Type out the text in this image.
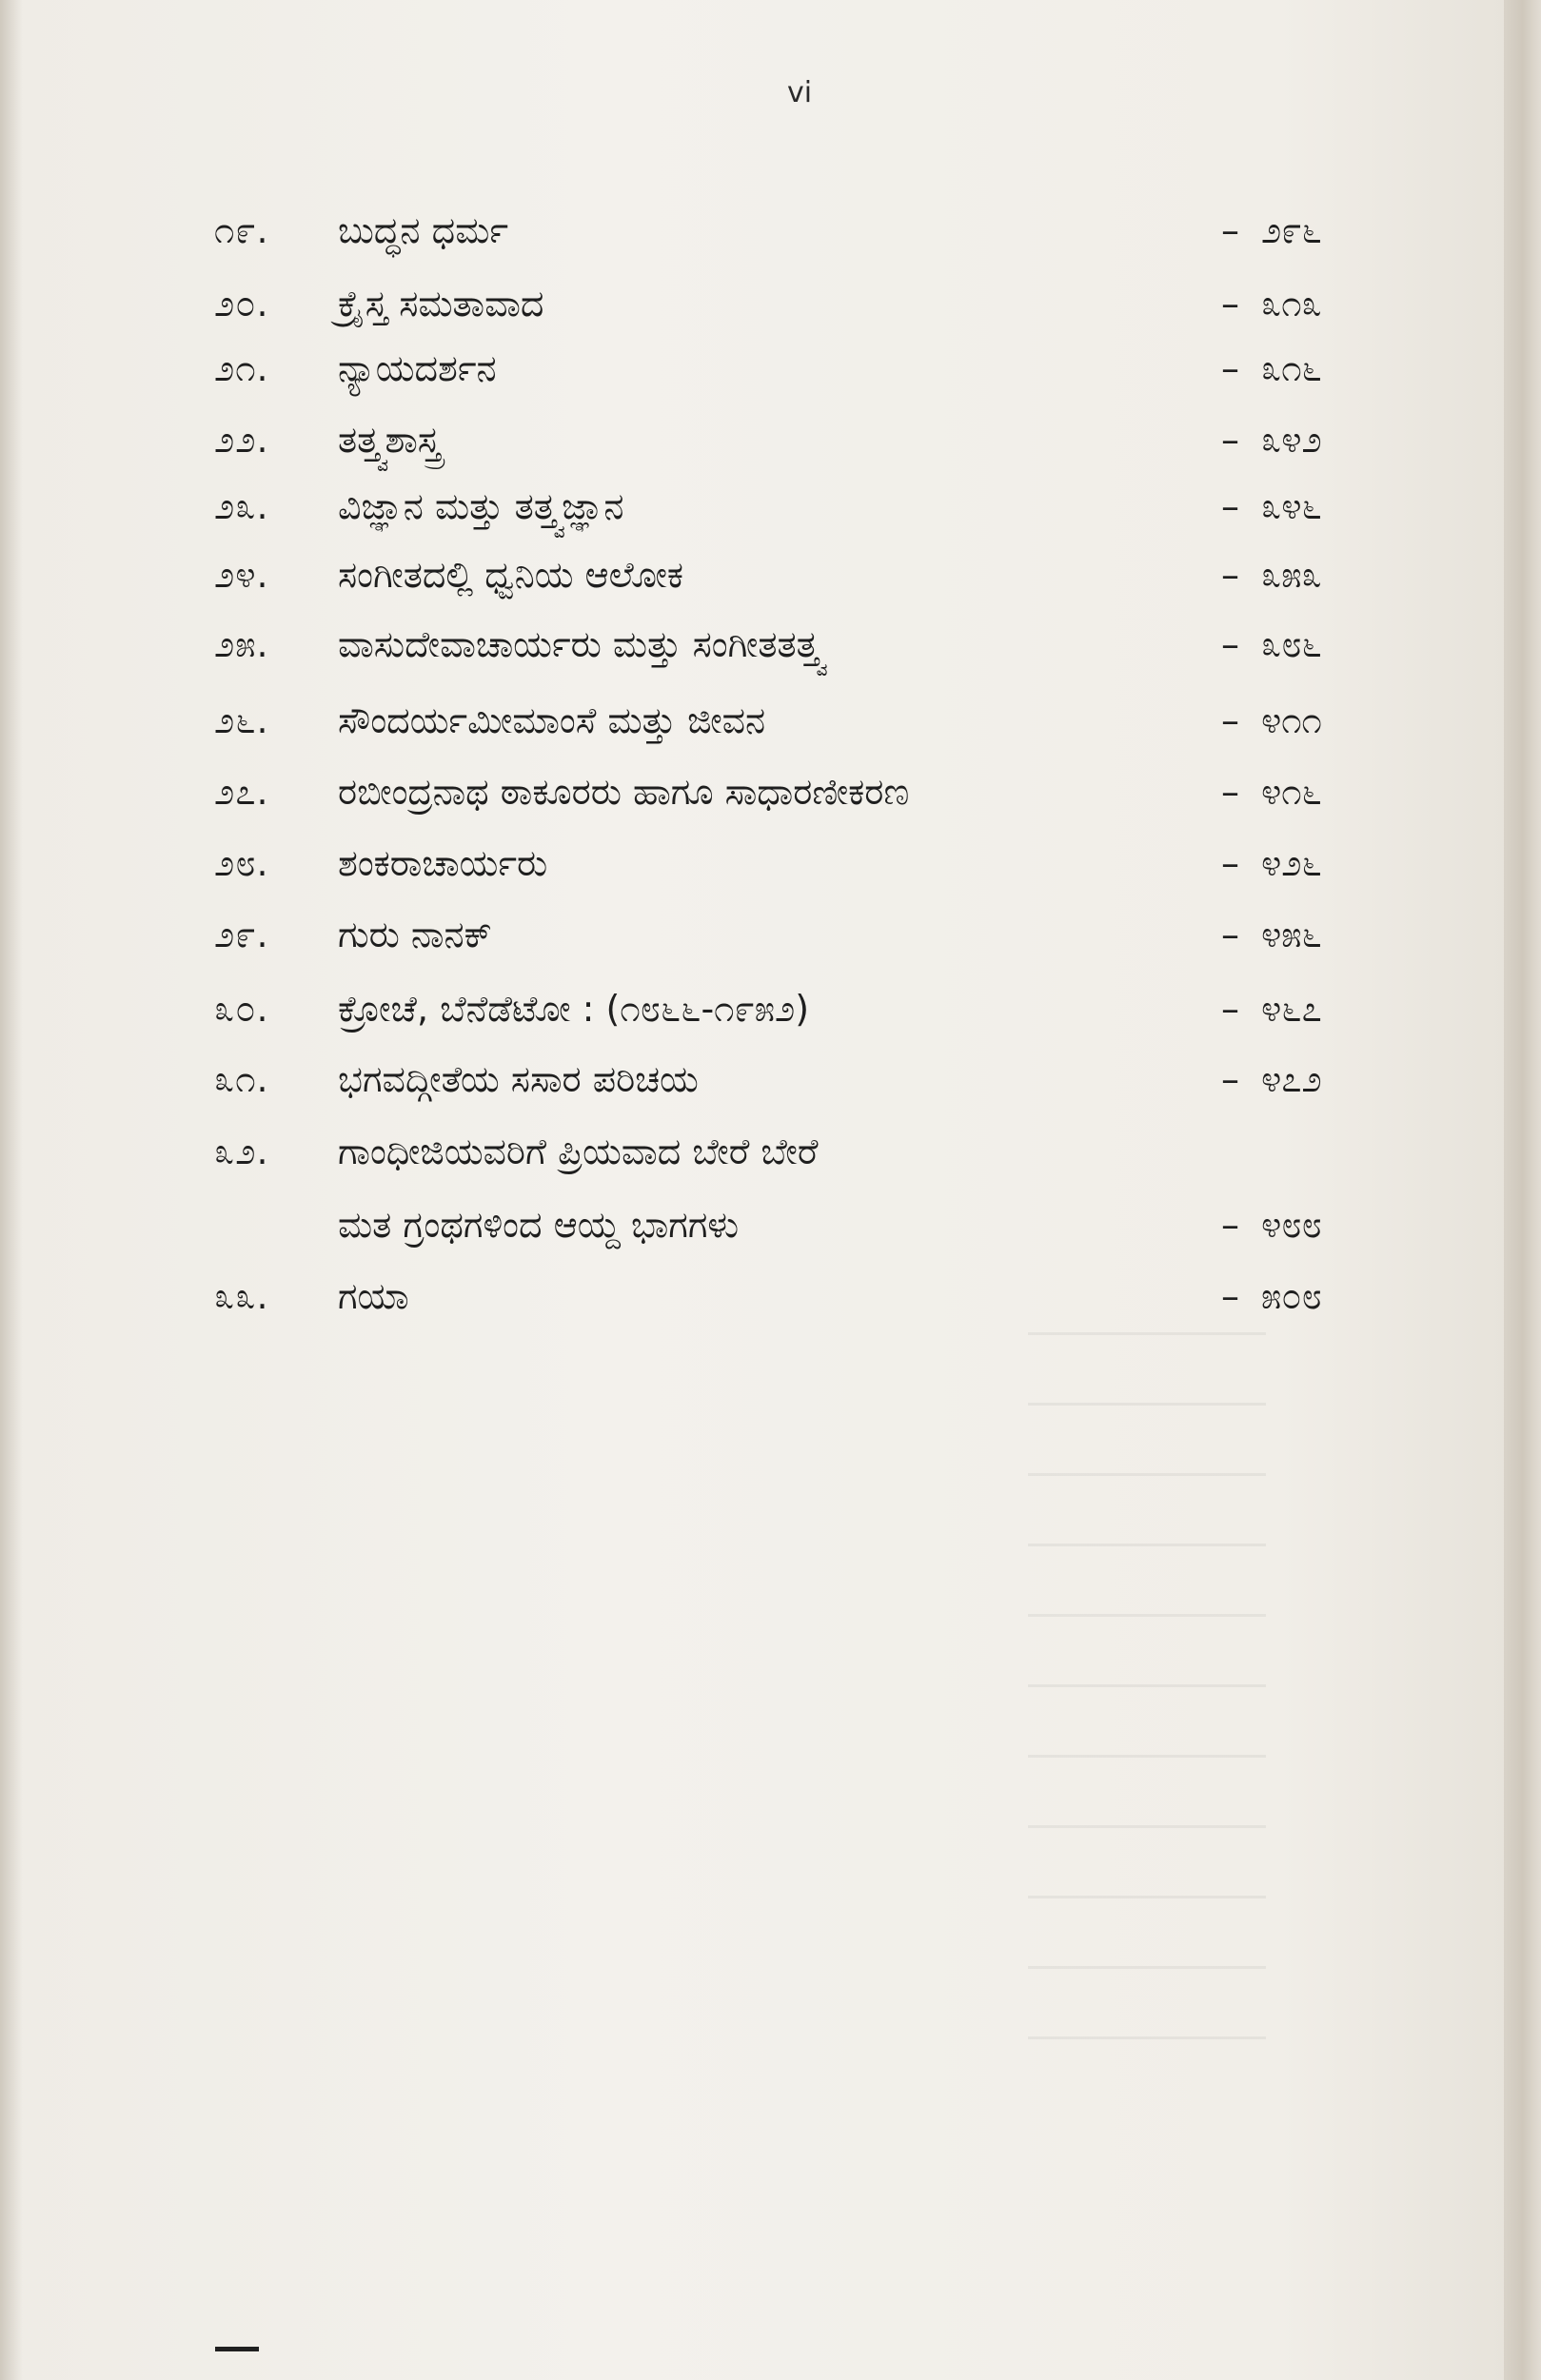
vi
೧೯. ಬುದ್ಧನ ಧರ್ಮ	– ೨೯೬
೨೦. ಕ್ರೈಸ್ತ ಸಮತಾವಾದ	– ೩೧೩
೨೧. ನ್ಯಾಯದರ್ಶನ	– ೩೧೬
೨೨. ತತ್ತ್ವಶಾಸ್ತ್ರ	– ೩೪೨
೨೩. ವಿಜ್ಞಾನ ಮತ್ತು ತತ್ತ್ವಜ್ಞಾನ	– ೩೪೬
೨೪. ಸಂಗೀತದಲ್ಲಿ ಧ್ವನಿಯ ಆಲೋಕ	– ೩೫೩
೨೫. ವಾಸುದೇವಾಚಾರ್ಯರು ಮತ್ತು ಸಂಗೀತತತ್ತ್ವ	– ೩೮೬
೨೬. ಸೌಂದರ್ಯಮೀಮಾಂಸೆ ಮತ್ತು ಜೀವನ	– ೪೧೧
೨೭. ರಬೀಂದ್ರನಾಥ ಠಾಕೂರರು ಹಾಗೂ ಸಾಧಾರಣೀಕರಣ	– ೪೧೬
೨೮. ಶಂಕರಾಚಾರ್ಯರು	– ೪೨೬
೨೯. ಗುರು ನಾನಕ್	– ೪೫೬
೩೦. ಕ್ರೋಚೆ, ಬೆನೆಡೆಟೋ : (೧೮೬೬-೧೯೫೨)	– ೪೬೭
೩೧. ಭಗವದ್ಗೀತೆಯ ಸಸಾರ ಪರಿಚಯ	– ೪೭೨
೩೨. ಗಾಂಧೀಜಿಯವರಿಗೆ ಪ್ರಿಯವಾದ ಬೇರೆ ಬೇರೆ
ಮತ ಗ್ರಂಥಗಳಿಂದ ಆಯ್ದ ಭಾಗಗಳು	– ೪೮೮
೩೩. ಗಯಾ	– ೫೦೮
